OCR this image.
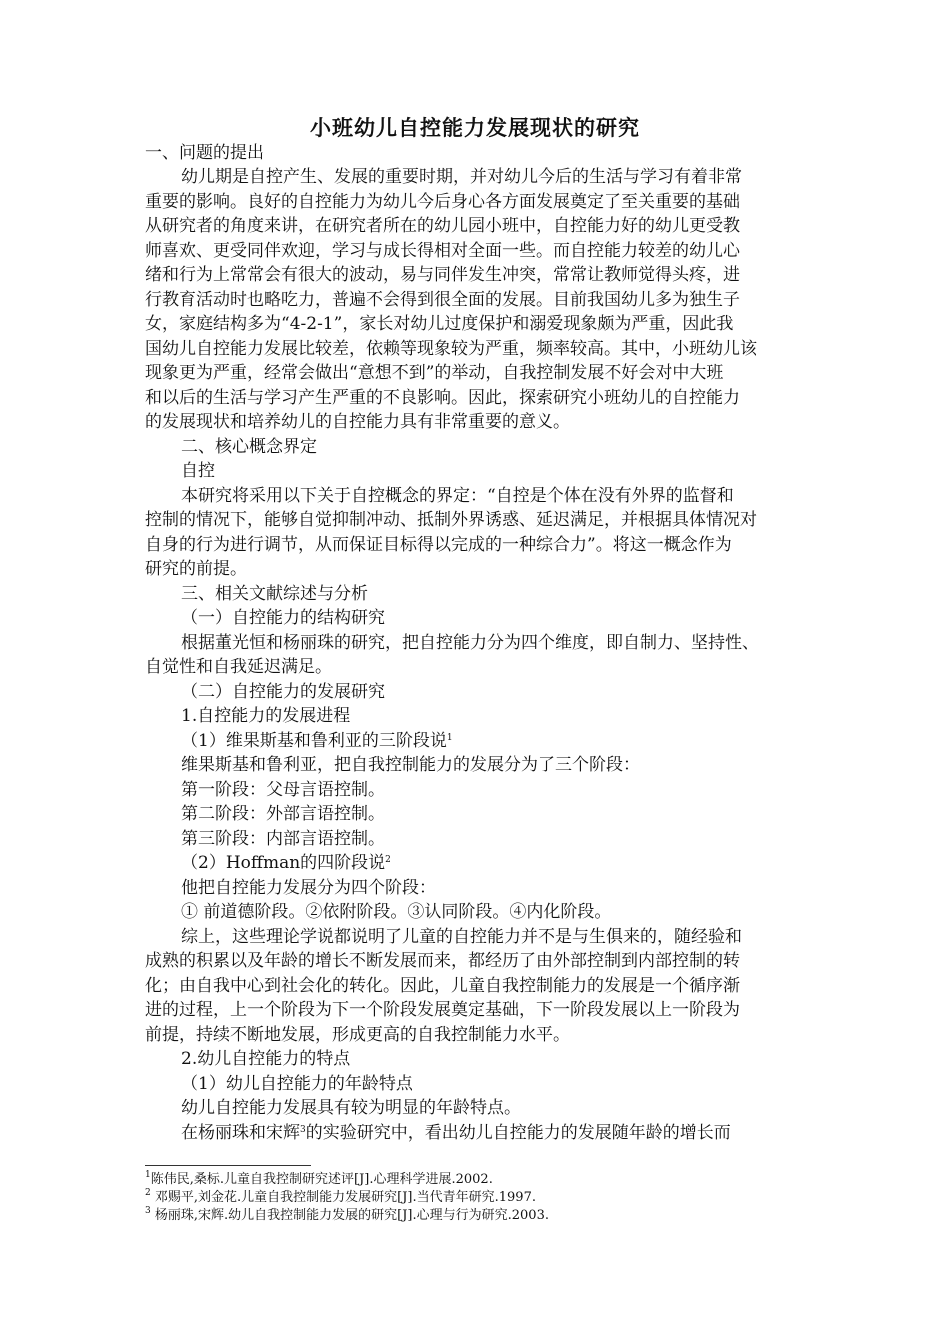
小班幼儿自控能力发展现状的研究
一、问题的提出
幼儿期是自控产生、发展的重要时期，并对幼儿今后的生活与学习有着非常
重要的影响。良好的自控能力为幼儿今后身心各方面发展奠定了至关重要的基础
从研究者的角度来讲，在研究者所在的幼儿园小班中，自控能力好的幼儿更受教
师喜欢、更受同伴欢迎，学习与成长得相对全面一些。而自控能力较差的幼儿心
绪和行为上常常会有很大的波动，易与同伴发生冲突，常常让教师觉得头疼，进
行教育活动时也略吃力，普遍不会得到很全面的发展。目前我国幼儿多为独生子
女，家庭结构多为“4-2-1”，家长对幼儿过度保护和溺爱现象颇为严重，因此我
国幼儿自控能力发展比较差，依赖等现象较为严重，频率较高。其中，小班幼儿该
现象更为严重，经常会做出“意想不到”的举动，自我控制发展不好会对中大班
和以后的生活与学习产生严重的不良影响。因此，探索研究小班幼儿的自控能力
的发展现状和培养幼儿的自控能力具有非常重要的意义。
二、核心概念界定
自控
本研究将采用以下关于自控概念的界定：“自控是个体在没有外界的监督和
控制的情况下，能够自觉抑制冲动、抵制外界诱惑、延迟满足，并根据具体情况对
自身的行为进行调节，从而保证目标得以完成的一种综合力”。将这一概念作为
研究的前提。
三、相关文献综述与分析
（一）自控能力的结构研究
根据董光恒和杨丽珠的研究，把自控能力分为四个维度，即自制力、坚持性、
自觉性和自我延迟满足。
（二）自控能力的发展研究
1.自控能力的发展进程
（1）维果斯基和鲁利亚的三阶段说$^1$
维果斯基和鲁利亚，把自我控制能力的发展分为了三个阶段：
第一阶段：父母言语控制。
第二阶段：外部言语控制。
第三阶段：内部言语控制。
（2）Hoffman的四阶段说$^2$
他把自控能力发展分为四个阶段：
① 前道德阶段。②依附阶段。③认同阶段。④内化阶段。
综上，这些理论学说都说明了儿童的自控能力并不是与生俱来的，随经验和
成熟的积累以及年龄的增长不断发展而来，都经历了由外部控制到内部控制的转
化；由自我中心到社会化的转化。因此，儿童自我控制能力的发展是一个循序渐
进的过程，上一个阶段为下一个阶段发展奠定基础，下一阶段发展以上一阶段为
前提，持续不断地发展，形成更高的自我控制能力水平。
2.幼儿自控能力的特点
（1）幼儿自控能力的年龄特点
幼儿自控能力发展具有较为明显的年龄特点。
在杨丽珠和宋辉$^3$的实验研究中，看出幼儿自控能力的发展随年龄的增长而
$^1$陈伟民,桑标.儿童自我控制研究述评[J].心理科学进展.2002.
$^2$ 邓赐平,刘金花.儿童自我控制能力发展研究[J].当代青年研究.1997.
$^3$ 杨丽珠,宋辉.幼儿自我控制能力发展的研究[J].心理与行为研究.2003.
